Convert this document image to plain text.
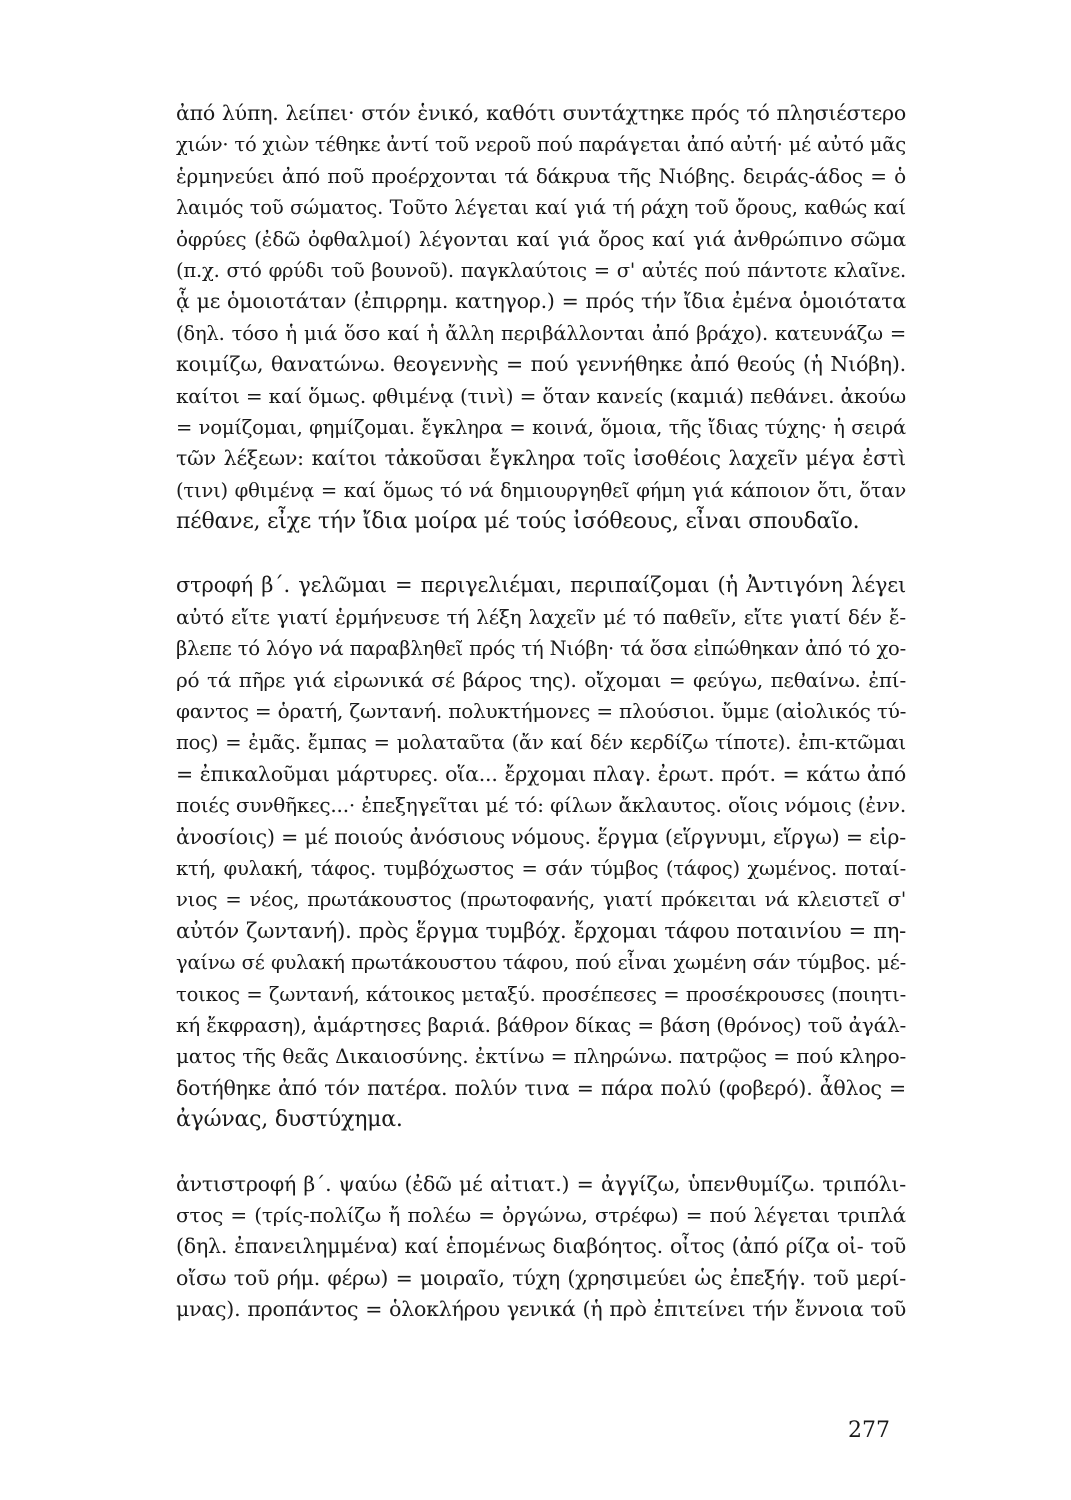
ἀπό λύπη. λείπει· στόν ἑνικό, καθότι συντάχτηκε πρός τό πλησιέστερο
χιών· τό χιὼν τέθηκε ἀντί τοῦ νεροῦ πού παράγεται ἀπό αὐτή· μέ αὐτό μᾶς
ἑρμηνεύει ἀπό ποῦ προέρχονται τά δάκρυα τῆς Νιόβης. δειράς-άδος = ὁ
λαιμός τοῦ σώματος. Τοῦτο λέγεται καί γιά τή ράχη τοῦ ὄρους, καθώς καί
ὀφρύες (ἐδῶ ὀφθαλμοί) λέγονται καί γιά ὄρος καί γιά ἀνθρώπινο σῶμα
(π.χ. στό φρύδι τοῦ βουνοῦ). παγκλαύτοις = σ' αὐτές πού πάντοτε κλαῖνε.
ᾇ με ὁμοιοτάταν (ἐπιρρημ. κατηγορ.) = πρός τήν ἴδια ἐμένα ὁμοιότατα
(δηλ. τόσο ἡ μιά ὅσο καί ἡ ἄλλη περιβάλλονται ἀπό βράχο). κατευνάζω =
κοιμίζω, θανατώνω. θεογεννὴς = πού γεννήθηκε ἀπό θεούς (ἡ Νιόβη).
καίτοι = καί ὅμως. φθιμένᾳ (τινὶ) = ὅταν κανείς (καμιά) πεθάνει. ἀκούω
= νομίζομαι, φημίζομαι. ἔγκληρα = κοινά, ὅμοια, τῆς ἴδιας τύχης· ἡ σειρά
τῶν λέξεων: καίτοι τἀκοῦσαι ἔγκληρα τοῖς ἰσοθέοις λαχεῖν μέγα ἐστὶ
(τινι) φθιμένᾳ = καί ὅμως τό νά δημιουργηθεῖ φήμη γιά κάποιον ὅτι, ὅταν
πέθανε, εἶχε τήν ἴδια μοίρα μέ τούς ἰσόθεους, εἶναι σπουδαῖο.
στροφή β΄. γελῶμαι = περιγελιέμαι, περιπαίζομαι (ἡ Ἀντιγόνη λέγει
αὐτό εἴτε γιατί ἑρμήνευσε τή λέξη λαχεῖν μέ τό παθεῖν, εἴτε γιατί δέν ἔ-
βλεπε τό λόγο νά παραβληθεῖ πρός τή Νιόβη· τά ὅσα εἰπώθηκαν ἀπό τό χο-
ρό τά πῆρε γιά εἰρωνικά σέ βάρος της). οἴχομαι = φεύγω, πεθαίνω. ἐπί-
φαντος = ὁρατή, ζωντανή. πολυκτήμονες = πλούσιοι. ὔμμε (αἰολικός τύ-
πος) = ἐμᾶς. ἔμπας = μολαταῦτα (ἄν καί δέν κερδίζω τίποτε). ἐπι-κτῶμαι
= ἐπικαλοῦμαι μάρτυρες. οἵα... ἔρχομαι πλαγ. ἐρωτ. πρότ. = κάτω ἀπό
ποιές συνθῆκες...· ἐπεξηγεῖται μέ τό: φίλων ἄκλαυτος. οἵοις νόμοις (ἐνν.
ἀνοσίοις) = μέ ποιούς ἀνόσιους νόμους. ἕργμα (εἵργνυμι, εἵργω) = εἱρ-
κτή, φυλακή, τάφος. τυμβόχωστος = σάν τύμβος (τάφος) χωμένος. ποταί-
νιος = νέος, πρωτάκουστος (πρωτοφανής, γιατί πρόκειται νά κλειστεῖ σ'
αὐτόν ζωντανή). πρὸς ἕργμα τυμβόχ. ἔρχομαι τάφου ποταινίου = πη-
γαίνω σέ φυλακή πρωτάκουστου τάφου, πού εἶναι χωμένη σάν τύμβος. μέ-
τοικος = ζωντανή, κάτοικος μεταξύ. προσέπεσες = προσέκρουσες (ποιητι-
κή ἔκφραση), ἁμάρτησες βαριά. βάθρον δίκας = βάση (θρόνος) τοῦ ἀγάλ-
ματος τῆς θεᾶς Δικαιοσύνης. ἐκτίνω = πληρώνω. πατρῷος = πού κληρο-
δοτήθηκε ἀπό τόν πατέρα. πολύν τινα = πάρα πολύ (φοβερό). ἆθλος =
ἀγώνας, δυστύχημα.
ἀντιστροφή β΄. ψαύω (ἐδῶ μέ αἰτιατ.) = ἀγγίζω, ὑπενθυμίζω. τριπόλι-
στος = (τρίς-πολίζω ἤ πολέω = ὀργώνω, στρέφω) = πού λέγεται τριπλά
(δηλ. ἐπανειλημμένα) καί ἑπομένως διαβόητος. οἶτος (ἀπό ρίζα οἰ- τοῦ
οἴσω τοῦ ρήμ. φέρω) = μοιραῖο, τύχη (χρησιμεύει ὡς ἐπεξήγ. τοῦ μερί-
μνας). προπάντος = ὁλοκλήρου γενικά (ἡ πρὸ ἐπιτείνει τήν ἔννοια τοῦ
277
